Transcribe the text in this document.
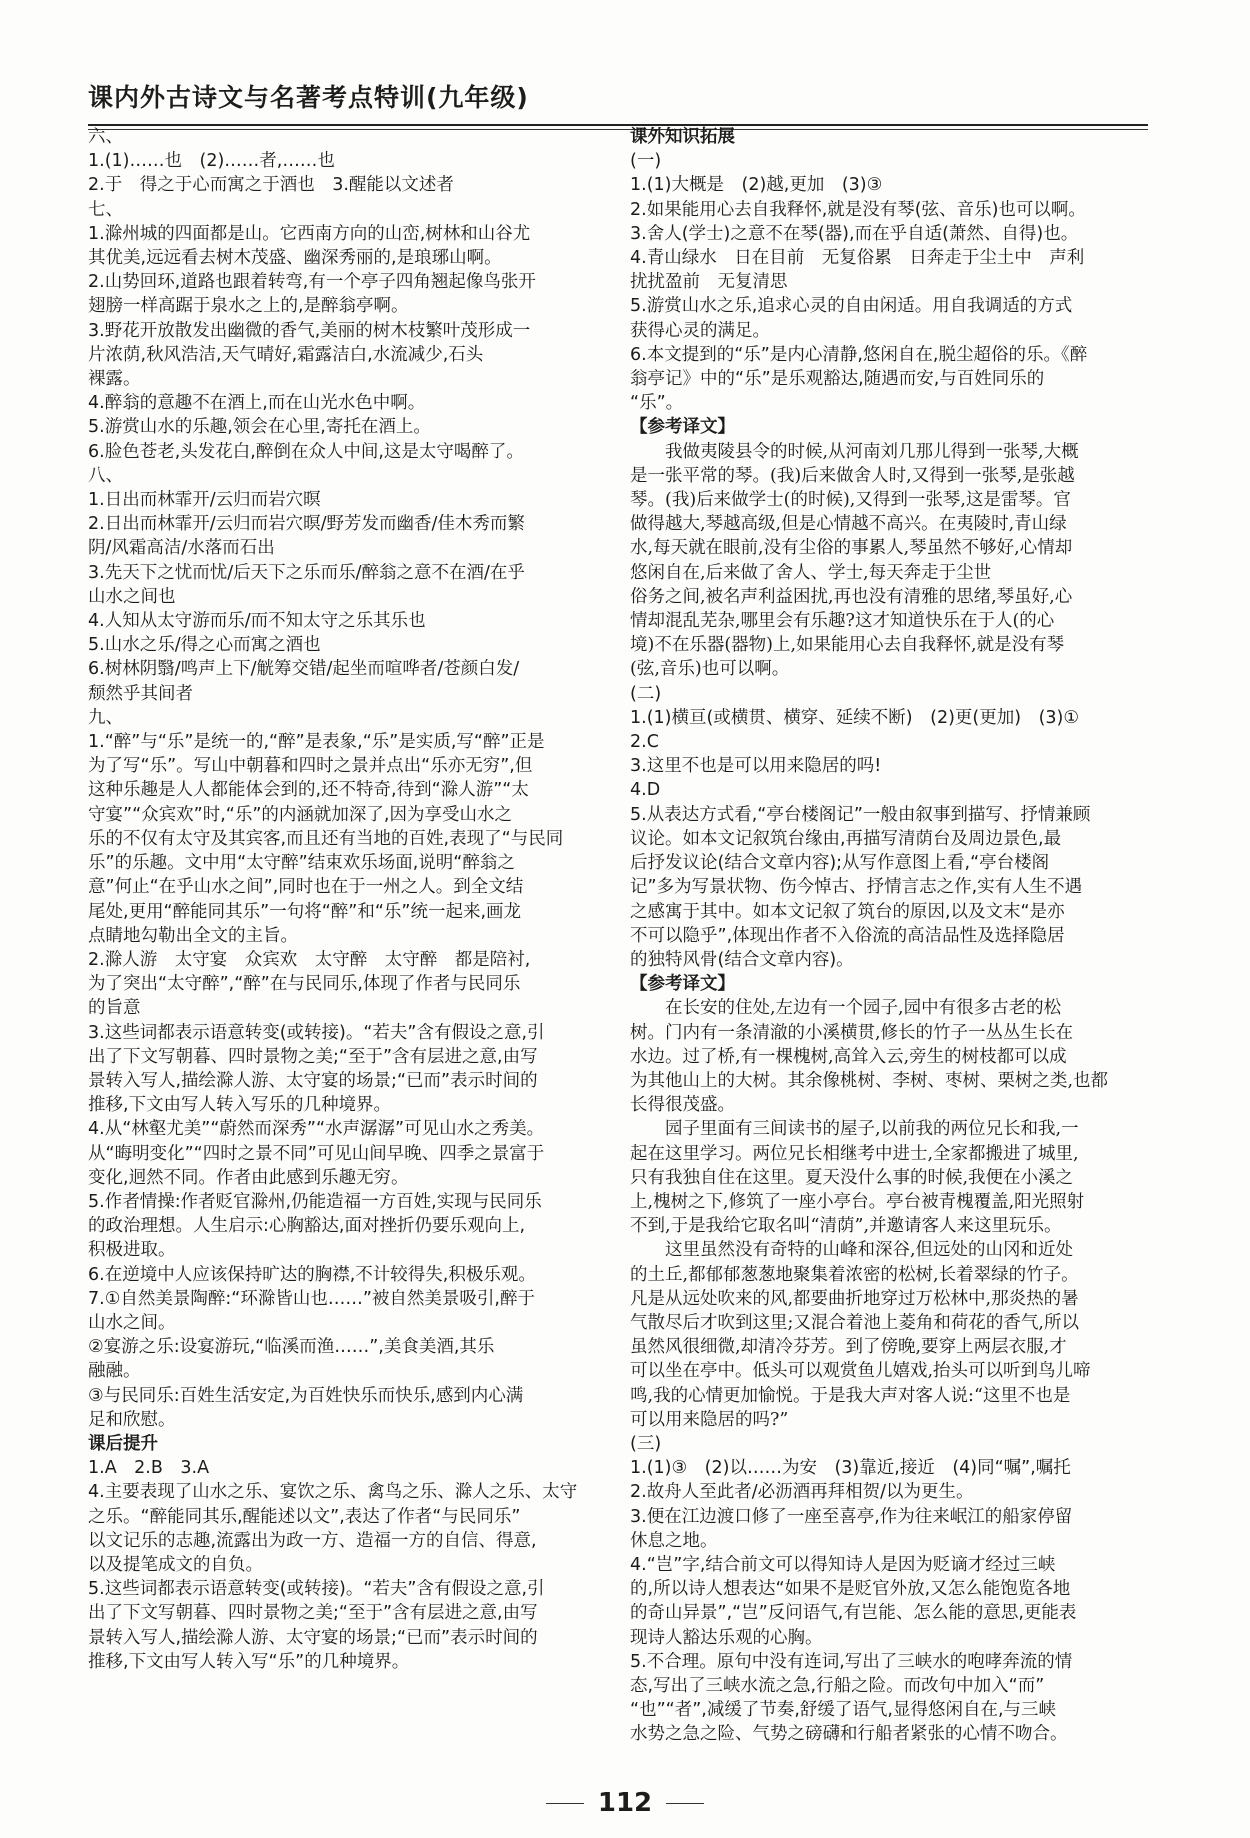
课内外古诗文与名著考点特训(九年级)
六、
1.(1)……也　(2)……者,……也
2.于　得之于心而寓之于酒也　3.醒能以文述者
七、
1.滁州城的四面都是山。它西南方向的山峦,树林和山谷尤
其优美,远远看去树木茂盛、幽深秀丽的,是琅琊山啊。
2.山势回环,道路也跟着转弯,有一个亭子四角翘起像鸟张开
翅膀一样高踞于泉水之上的,是醉翁亭啊。
3.野花开放散发出幽微的香气,美丽的树木枝繁叶茂形成一
片浓荫,秋风浩洁,天气晴好,霜露洁白,水流减少,石头
裸露。
4.醉翁的意趣不在酒上,而在山光水色中啊。
5.游赏山水的乐趣,领会在心里,寄托在酒上。
6.脸色苍老,头发花白,醉倒在众人中间,这是太守喝醉了。
八、
1.日出而林霏开/云归而岩穴暝
2.日出而林霏开/云归而岩穴暝/野芳发而幽香/佳木秀而繁
阴/风霜高洁/水落而石出
3.先天下之忧而忧/后天下之乐而乐/醉翁之意不在酒/在乎
山水之间也
4.人知从太守游而乐/而不知太守之乐其乐也
5.山水之乐/得之心而寓之酒也
6.树林阴翳/鸣声上下/觥筹交错/起坐而喧哗者/苍颜白发/
颓然乎其间者
九、
1.“醉”与“乐”是统一的,“醉”是表象,“乐”是实质,写“醉”正是
为了写“乐”。写山中朝暮和四时之景并点出“乐亦无穷”,但
这种乐趣是人人都能体会到的,还不特奇,待到“滁人游”“太
守宴”“众宾欢”时,“乐”的内涵就加深了,因为享受山水之
乐的不仅有太守及其宾客,而且还有当地的百姓,表现了“与民同
乐”的乐趣。文中用“太守醉”结束欢乐场面,说明“醉翁之
意”何止“在乎山水之间”,同时也在于一州之人。到全文结
尾处,更用“醉能同其乐”一句将“醉”和“乐”统一起来,画龙
点睛地勾勒出全文的主旨。
2.滁人游　太守宴　众宾欢　太守醉　太守醉　都是陪衬,
为了突出“太守醉”,“醉”在与民同乐,体现了作者与民同乐
的旨意
3.这些词都表示语意转变(或转接)。“若夫”含有假设之意,引
出了下文写朝暮、四时景物之美;“至于”含有层进之意,由写
景转入写人,描绘滁人游、太守宴的场景;“已而”表示时间的
推移,下文由写人转入写乐的几种境界。
4.从“林壑尤美”“蔚然而深秀”“水声潺潺”可见山水之秀美。
从“晦明变化”“四时之景不同”可见山间早晚、四季之景富于
变化,迥然不同。作者由此感到乐趣无穷。
5.作者情操:作者贬官滁州,仍能造福一方百姓,实现与民同乐
的政治理想。人生启示:心胸豁达,面对挫折仍要乐观向上,
积极进取。
6.在逆境中人应该保持旷达的胸襟,不计较得失,积极乐观。
7.①自然美景陶醉:“环滁皆山也……”被自然美景吸引,醉于
山水之间。
②宴游之乐:设宴游玩,“临溪而渔……”,美食美酒,其乐
融融。
③与民同乐:百姓生活安定,为百姓快乐而快乐,感到内心满
足和欣慰。
课后提升
1.A　2.B　3.A
4.主要表现了山水之乐、宴饮之乐、禽鸟之乐、滁人之乐、太守
之乐。“醉能同其乐,醒能述以文”,表达了作者“与民同乐”
以文记乐的志趣,流露出为政一方、造福一方的自信、得意,
以及提笔成文的自负。
5.这些词都表示语意转变(或转接)。“若夫”含有假设之意,引
出了下文写朝暮、四时景物之美;“至于”含有层进之意,由写
景转入写人,描绘滁人游、太守宴的场景;“已而”表示时间的
推移,下文由写人转入写“乐”的几种境界。
课外知识拓展
(一)
1.(1)大概是　(2)越,更加　(3)③
2.如果能用心去自我释怀,就是没有琴(弦、音乐)也可以啊。
3.舍人(学士)之意不在琴(器),而在乎自适(萧然、自得)也。
4.青山绿水　日在目前　无复俗累　日奔走于尘土中　声利
扰扰盈前　无复清思
5.游赏山水之乐,追求心灵的自由闲适。用自我调适的方式
获得心灵的满足。
6.本文提到的“乐”是内心清静,悠闲自在,脱尘超俗的乐。《醉
翁亭记》中的“乐”是乐观豁达,随遇而安,与百姓同乐的
“乐”。
【参考译文】
　　我做夷陵县令的时候,从河南刘几那儿得到一张琴,大概
是一张平常的琴。(我)后来做舍人时,又得到一张琴,是张越
琴。(我)后来做学士(的时候),又得到一张琴,这是雷琴。官
做得越大,琴越高级,但是心情越不高兴。在夷陵时,青山绿
水,每天就在眼前,没有尘俗的事累人,琴虽然不够好,心情却
悠闲自在,后来做了舍人、学士,每天奔走于尘世
俗务之间,被名声利益困扰,再也没有清雅的思绪,琴虽好,心
情却混乱芜杂,哪里会有乐趣?这才知道快乐在于人(的心
境)不在乐器(器物)上,如果能用心去自我释怀,就是没有琴
(弦,音乐)也可以啊。
(二)
1.(1)横亘(或横贯、横穿、延续不断)　(2)更(更加)　(3)①
2.C
3.这里不也是可以用来隐居的吗!
4.D
5.从表达方式看,“亭台楼阁记”一般由叙事到描写、抒情兼顾
议论。如本文记叙筑台缘由,再描写清荫台及周边景色,最
后抒发议论(结合文章内容);从写作意图上看,“亭台楼阁
记”多为写景状物、伤今悼古、抒情言志之作,实有人生不遇
之感寓于其中。如本文记叙了筑台的原因,以及文末“是亦
不可以隐乎”,体现出作者不入俗流的高洁品性及选择隐居
的独特风骨(结合文章内容)。
【参考译文】
　　在长安的住处,左边有一个园子,园中有很多古老的松
树。门内有一条清澈的小溪横贯,修长的竹子一丛丛生长在
水边。过了桥,有一棵槐树,高耸入云,旁生的树枝都可以成
为其他山上的大树。其余像桃树、李树、枣树、栗树之类,也都
长得很茂盛。
　　园子里面有三间读书的屋子,以前我的两位兄长和我,一
起在这里学习。两位兄长相继考中进士,全家都搬进了城里,
只有我独自住在这里。夏天没什么事的时候,我便在小溪之
上,槐树之下,修筑了一座小亭台。亭台被青槐覆盖,阳光照射
不到,于是我给它取名叫“清荫”,并邀请客人来这里玩乐。
　　这里虽然没有奇特的山峰和深谷,但远处的山冈和近处
的土丘,都郁郁葱葱地聚集着浓密的松树,长着翠绿的竹子。
凡是从远处吹来的风,都要曲折地穿过万松林中,那炎热的暑
气散尽后才吹到这里;又混合着池上菱角和荷花的香气,所以
虽然风很细微,却清冷芬芳。到了傍晚,要穿上两层衣服,才
可以坐在亭中。低头可以观赏鱼儿嬉戏,抬头可以听到鸟儿啼
鸣,我的心情更加愉悦。于是我大声对客人说:“这里不也是
可以用来隐居的吗?”
(三)
1.(1)③　(2)以……为安　(3)靠近,接近　(4)同“嘱”,嘱托
2.故舟人至此者/必沥酒再拜相贺/以为更生。
3.便在江边渡口修了一座至喜亭,作为往来岷江的船家停留
休息之地。
4.“岂”字,结合前文可以得知诗人是因为贬谪才经过三峡
的,所以诗人想表达“如果不是贬官外放,又怎么能饱览各地
的奇山异景”,“岂”反问语气,有岂能、怎么能的意思,更能表
现诗人豁达乐观的心胸。
5.不合理。原句中没有连词,写出了三峡水的咆哮奔流的情
态,写出了三峡水流之急,行船之险。而改句中加入“而”
“也”“者”,减缓了节奏,舒缓了语气,显得悠闲自在,与三峡
水势之急之险、气势之磅礴和行船者紧张的心情不吻合。
112
